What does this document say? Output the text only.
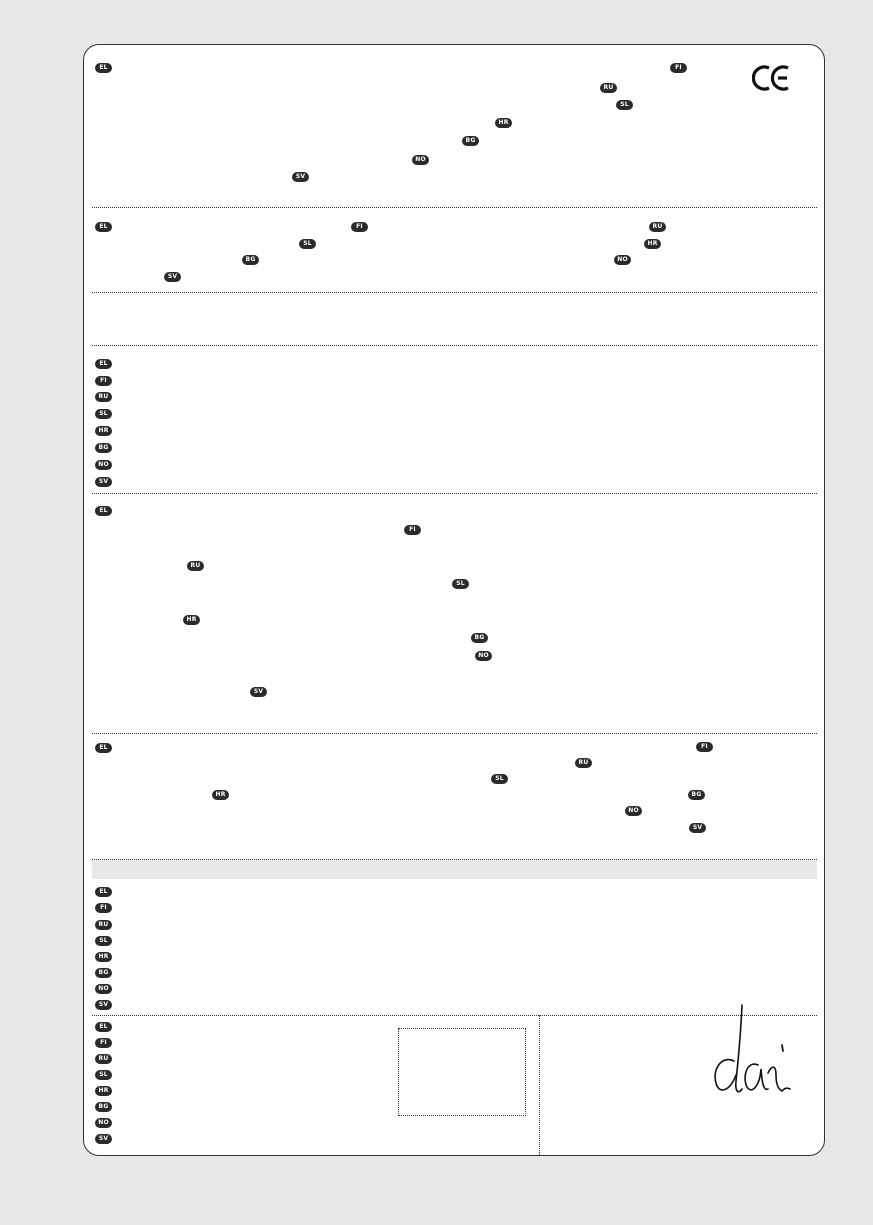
EL	FI
RU
SL
HR
BG
NO
SV
EL	FI	RU
SL	HR
BG	NO
SV
EL
FI
RU
SL
HR
BG
NO
SV
EL
FI
RU
SL
HR
BG
NO
SV
EL	FI
RU
SL
HR	BG
NO
SV
EL
FI
RU
SL
HR
BG
NO
SV
EL
FI
RU
SL
HR
BG
NO
SV
